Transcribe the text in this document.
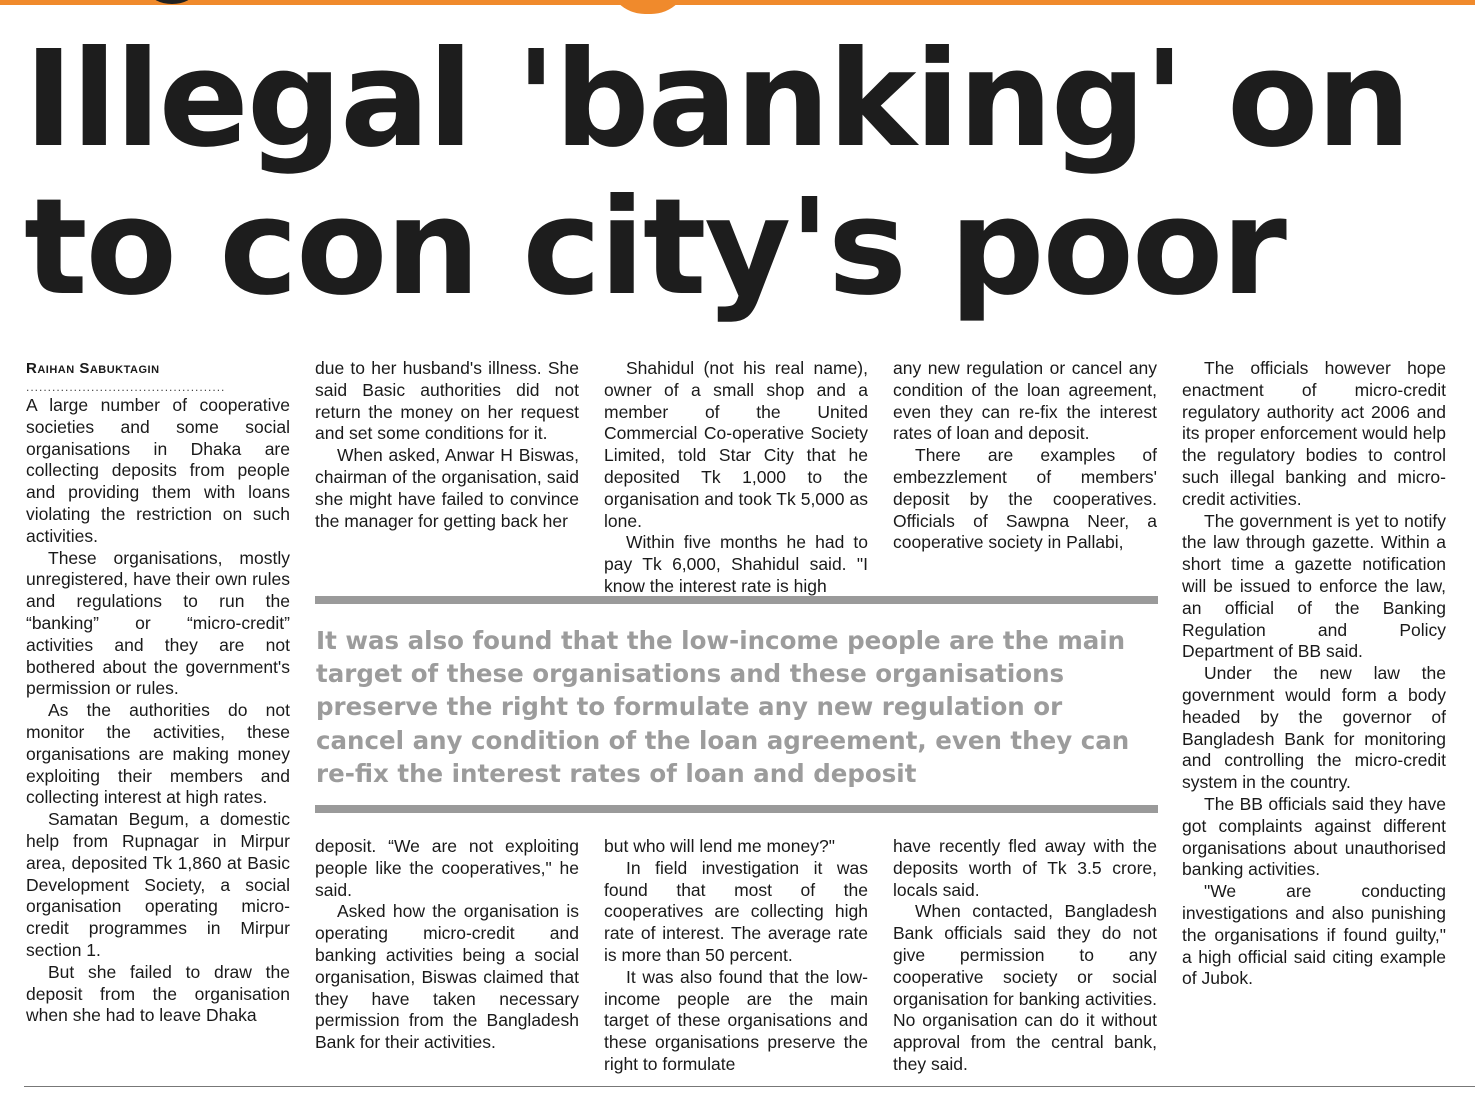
Illegal 'banking' on
to con city's poor
Raihan Sabuktagin
..............................................

A large number of cooperative societies and some social organisations in Dhaka are collecting deposits from people and providing them with loans violating the restriction on such activities.

These organisations, mostly unregistered, have their own rules and regulations to run the “banking” or “micro-credit” activities and they are not bothered about the government's permission or rules.

As the authorities do not monitor the activities, these organisations are making money exploiting their members and collecting interest at high rates.

Samatan Begum, a domestic help from Rupnagar in Mirpur area, deposited Tk 1,860 at Basic Development Society, a social organisation operating micro-credit programmes in Mirpur section 1.

But she failed to draw the deposit from the organisation when she had to leave Dhaka

due to her husband's illness. She said Basic authorities did not return the money on her request and set some conditions for it.

When asked, Anwar H Biswas, chairman of the organisation, said she might have failed to convince the manager for getting back her

Shahidul (not his real name), owner of a small shop and a member of the United Commercial Co-operative Society Limited, told Star City that he deposited Tk 1,000 to the organisation and took Tk 5,000 as lone.

Within five months he had to pay Tk 6,000, Shahidul said. "I know the interest rate is high

any new regulation or cancel any condition of the loan agreement, even they can re-fix the interest rates of loan and deposit.

There are examples of embezzlement of members' deposit by the cooperatives. Officials of Sawpna Neer, a cooperative society in Pallabi,

It was also found that the low-income people are the main target of these organisations and these organisations preserve the right to formulate any new regulation or cancel any condition of the loan agreement, even they can re-fix the interest rates of loan and deposit

deposit. “We are not exploiting people like the cooperatives," he said.

Asked how the organisation is operating micro-credit and banking activities being a social organisation, Biswas claimed that they have taken necessary permission from the Bangladesh Bank for their activities.

but who will lend me money?"

In field investigation it was found that most of the cooperatives are collecting high rate of interest. The average rate is more than 50 percent.

It was also found that the low-income people are the main target of these organisations and these organisations preserve the right to formulate

have recently fled away with the deposits worth of Tk 3.5 crore, locals said.

When contacted, Bangladesh Bank officials said they do not give permission to any cooperative society or social organisation for banking activities. No organisation can do it without approval from the central bank, they said.

The officials however hope enactment of micro-credit regulatory authority act 2006 and its proper enforcement would help the regulatory bodies to control such illegal banking and micro-credit activities.

The government is yet to notify the law through gazette. Within a short time a gazette notification will be issued to enforce the law, an official of the Banking Regulation and Policy Department of BB said.

Under the new law the government would form a body headed by the governor of Bangladesh Bank for monitoring and controlling the micro-credit system in the country.

The BB officials said they have got complaints against different organisations about unauthorised banking activities.

"We are conducting investigations and also punishing the organisations if found guilty," a high official said citing example of Jubok.
